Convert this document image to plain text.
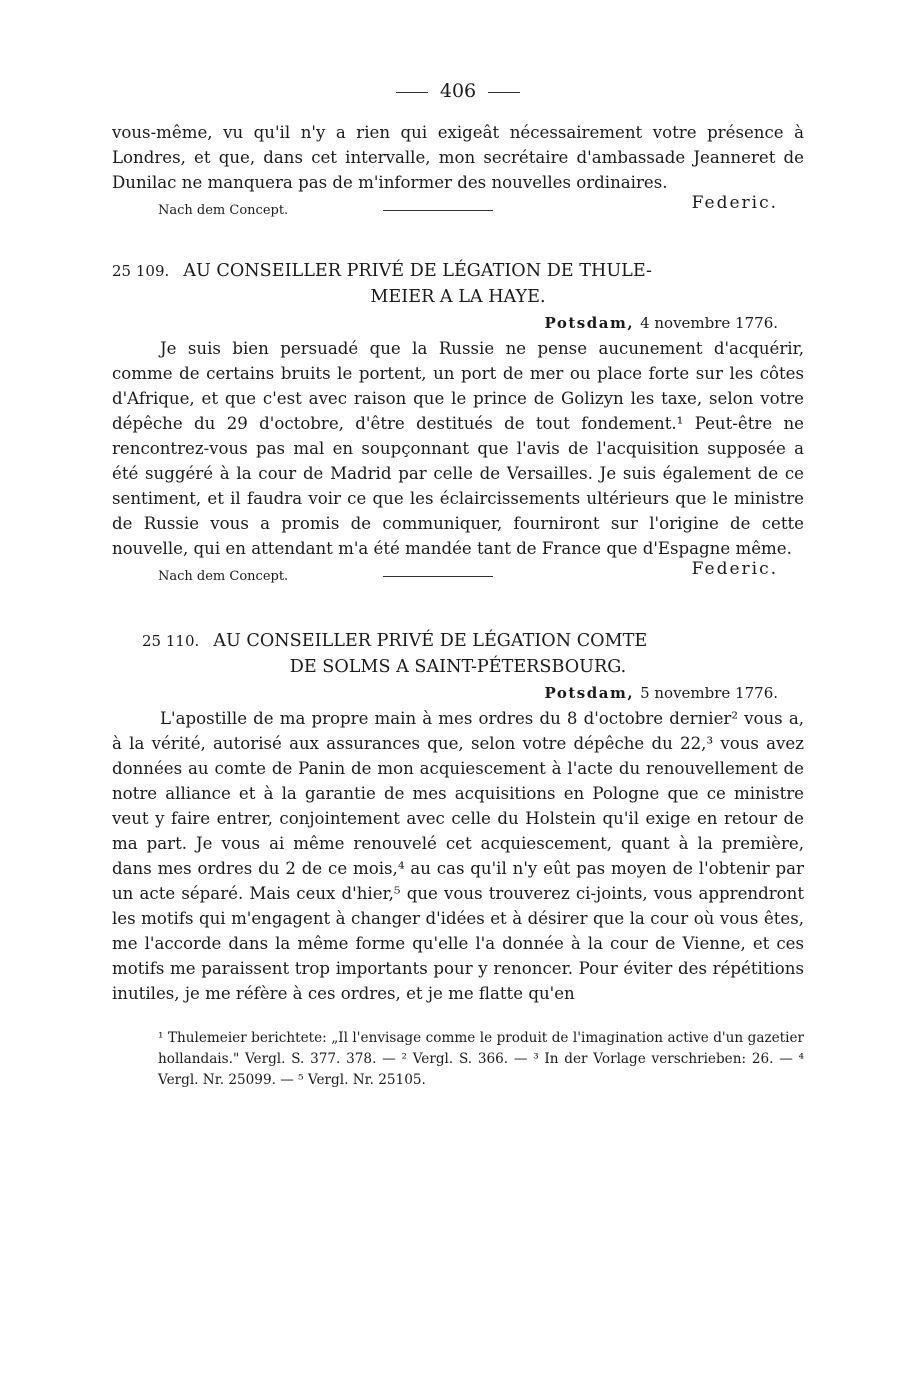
406

vous-même, vu qu'il n'y a rien qui exigeât nécessairement votre présence à Londres, et que, dans cet intervalle, mon secrétaire d'ambassade Jeanneret de Dunilac ne manquera pas de m'informer des nouvelles ordinaires.

Federic.
Nach dem Concept.
25 109. AU CONSEILLER PRIVÉ DE LÉGATION DE THULE-
MEIER A LA HAYE.
Potsdam, 4 novembre 1776.

Je suis bien persuadé que la Russie ne pense aucunement d'acquérir, comme de certains bruits le portent, un port de mer ou place forte sur les côtes d'Afrique, et que c'est avec raison que le prince de Golizyn les taxe, selon votre dépêche du 29 d'octobre, d'être destitués de tout fondement.¹ Peut-être ne rencontrez-vous pas mal en soupçonnant que l'avis de l'acquisition supposée a été suggéré à la cour de Madrid par celle de Versailles. Je suis également de ce sentiment, et il faudra voir ce que les éclaircissements ultérieurs que le ministre de Russie vous a promis de communiquer, fourniront sur l'origine de cette nouvelle, qui en attendant m'a été mandée tant de France que d'Espagne même.

Federic.
Nach dem Concept.
25 110. AU CONSEILLER PRIVÉ DE LÉGATION COMTE
DE SOLMS A SAINT-PÉTERSBOURG.
Potsdam, 5 novembre 1776.

L'apostille de ma propre main à mes ordres du 8 d'octobre dernier² vous a, à la vérité, autorisé aux assurances que, selon votre dépêche du 22,³ vous avez données au comte de Panin de mon acquiescement à l'acte du renouvellement de notre alliance et à la garantie de mes acquisitions en Pologne que ce ministre veut y faire entrer, conjointement avec celle du Holstein qu'il exige en retour de ma part. Je vous ai même renouvelé cet acquiescement, quant à la première, dans mes ordres du 2 de ce mois,⁴ au cas qu'il n'y eût pas moyen de l'obtenir par un acte séparé. Mais ceux d'hier,⁵ que vous trouverez ci-joints, vous apprendront les motifs qui m'engagent à changer d'idées et à désirer que la cour où vous êtes, me l'accorde dans la même forme qu'elle l'a donnée à la cour de Vienne, et ces motifs me paraissent trop importants pour y renoncer. Pour éviter des répétitions inutiles, je me réfère à ces ordres, et je me flatte qu'en

¹ Thulemeier berichtete: „Il l'envisage comme le produit de l'imagination active d'un gazetier hollandais." Vergl. S. 377. 378. — ² Vergl. S. 366. — ³ In der Vorlage verschrieben: 26. — ⁴ Vergl. Nr. 25099. — ⁵ Vergl. Nr. 25105.
